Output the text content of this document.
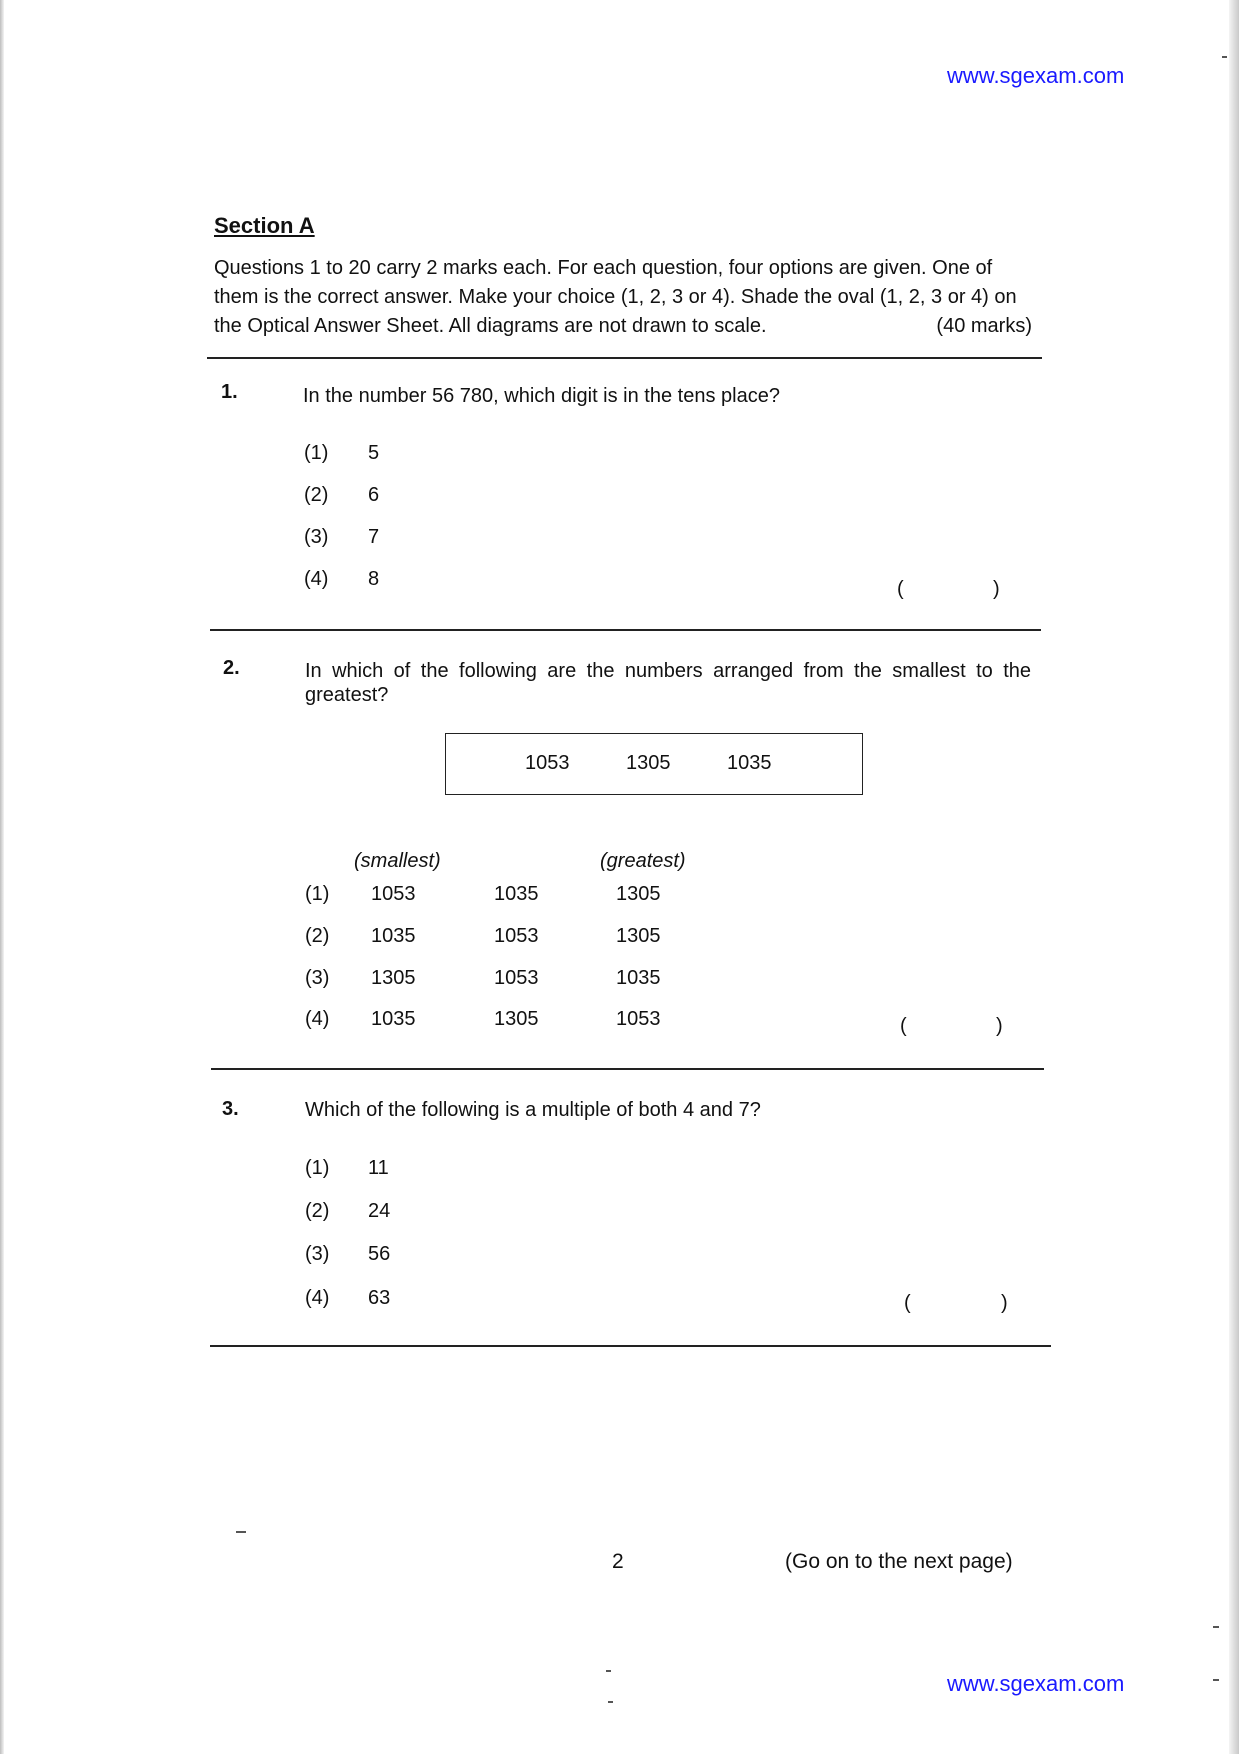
www.sgexam.com
Section A
Questions 1 to 20 carry 2 marks each. For each question, four options are given. One of them is the correct answer. Make your choice (1, 2, 3 or 4). Shade the oval (1, 2, 3 or 4) on the Optical Answer Sheet. All diagrams are not drawn to scale.	(40 marks)
1.	In the number 56 780, which digit is in the tens place?
(1) 5
(2) 6
(3) 7
(4) 8	(	)
2.	In which of the following are the numbers arranged from the smallest to the greatest?
1053	1305	1035
(smallest)	(greatest)
(1) 1053	1035	1305
(2) 1035	1053	1305
(3) 1305	1053	1035
(4) 1035	1305	1053	(	)
3.	Which of the following is a multiple of both 4 and 7?
(1) 11
(2) 24
(3) 56
(4) 63	(	)
2	(Go on to the next page)
www.sgexam.com
